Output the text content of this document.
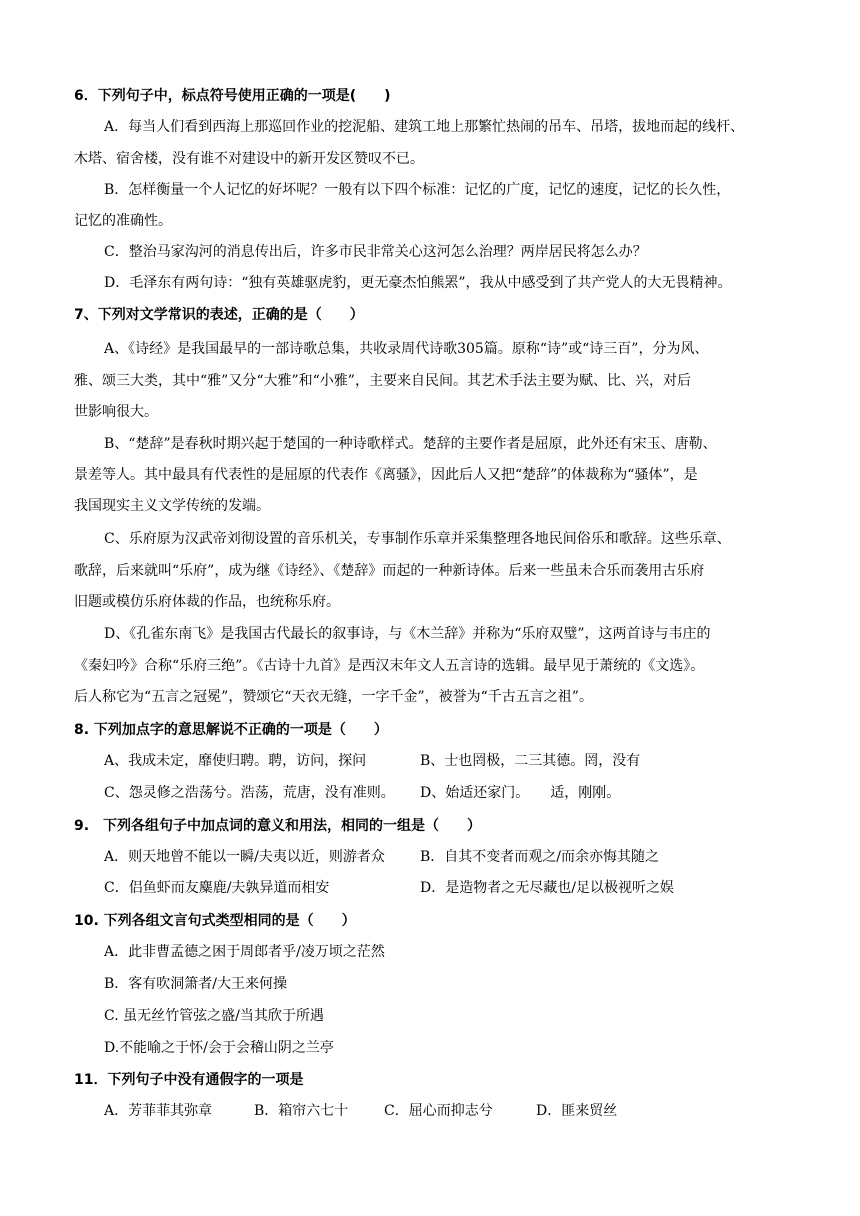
6．下列句子中，标点符号使用正确的一项是(　　)
A．每当人们看到西海上那巡回作业的挖泥船、建筑工地上那繁忙热闹的吊车、吊塔，拔地而起的线杆、
木塔、宿舍楼，没有谁不对建设中的新开发区赞叹不已。
B．怎样衡量一个人记忆的好坏呢？一般有以下四个标准：记忆的广度，记忆的速度，记忆的长久性，
记忆的准确性。
C．整治马家沟河的消息传出后，许多市民非常关心这河怎么治理？两岸居民将怎么办？
D．毛泽东有两句诗：“独有英雄驱虎豹，更无豪杰怕熊罴”，我从中感受到了共产党人的大无畏精神。
7、下列对文学常识的表述，正确的是（　　）
A、《诗经》是我国最早的一部诗歌总集，共收录周代诗歌305篇。原称“诗”或“诗三百”，分为风、
雅、颂三大类，其中“雅”又分“大雅”和“小雅”，主要来自民间。其艺术手法主要为赋、比、兴，对后
世影响很大。
B、“楚辞”是春秋时期兴起于楚国的一种诗歌样式。楚辞的主要作者是屈原，此外还有宋玉、唐勒、
景差等人。其中最具有代表性的是屈原的代表作《离骚》，因此后人又把“楚辞”的体裁称为“骚体”，是
我国现实主义文学传统的发端。
C、乐府原为汉武帝刘彻设置的音乐机关，专事制作乐章并采集整理各地民间俗乐和歌辞。这些乐章、
歌辞，后来就叫“乐府”，成为继《诗经》、《楚辞》而起的一种新诗体。后来一些虽未合乐而袭用古乐府
旧题或模仿乐府体裁的作品，也统称乐府。
D、《孔雀东南飞》是我国古代最长的叙事诗，与《木兰辞》并称为“乐府双璧”，这两首诗与韦庄的
《秦妇吟》合称“乐府三绝”。《古诗十九首》是西汉末年文人五言诗的选辑。最早见于萧统的《文选》。
后人称它为“五言之冠冕”，赞颂它“天衣无缝，一字千金”，被誉为“千古五言之祖”。
8. 下列加点字的意思解说不正确的一项是（　　）
A、我成未定，靡使归聘。聘，访问，探问	B、士也罔极，二三其德。罔，没有
C、怨灵修之浩荡兮。浩荡，荒唐，没有准则。 D、始适还家门。　　适，刚刚。
9.　下列各组句子中加点词的意义和用法，相同的一组是（　　）
A．则天地曾不能以一瞬/夫夷以近，则游者众	B．自其不变者而观之/而余亦悔其随之
C．侣鱼虾而友麋鹿/夫孰异道而相安	D．是造物者之无尽藏也/足以极视听之娱
10. 下列各组文言句式类型相同的是（　　）
A．此非曹孟德之困于周郎者乎/凌万顷之茫然
B．客有吹洞箫者/大王来何操
C. 虽无丝竹管弦之盛/当其欣于所遇
D.不能喻之于怀/会于会稽山阴之兰亭
11．下列句子中没有通假字的一项是
A．芳菲菲其弥章	B．箱帘六七十	C．屈心而抑志兮	D．匪来贸丝
